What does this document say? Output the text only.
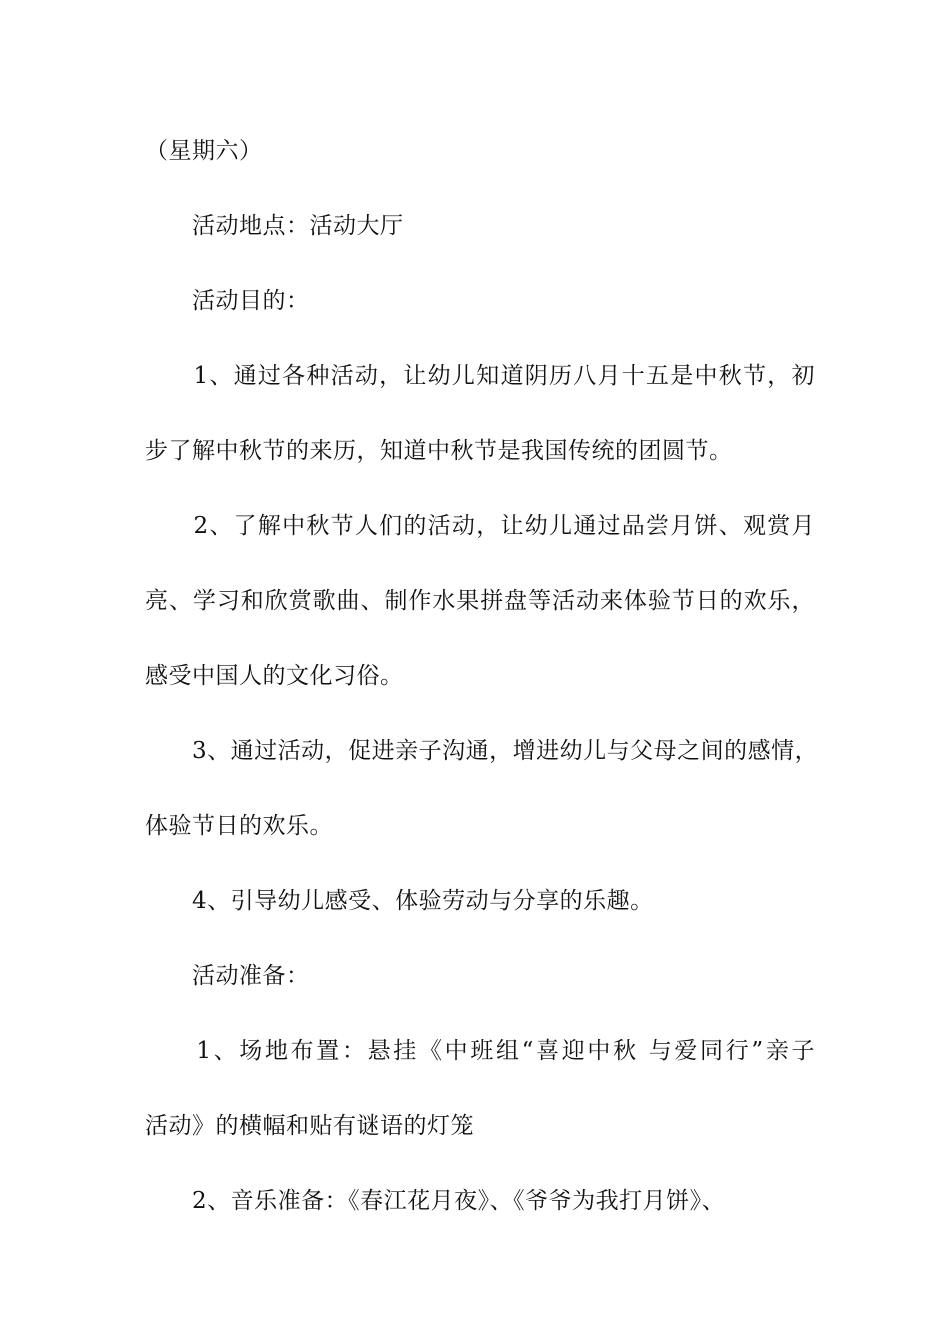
（星期六）
　　活动地点：活动大厅
　　活动目的：
　　1、通过各种活动，让幼儿知道阴历八月十五是中秋节，初
步了解中秋节的来历，知道中秋节是我国传统的团圆节。
　　2、了解中秋节人们的活动，让幼儿通过品尝月饼、观赏月
亮、学习和欣赏歌曲、制作水果拼盘等活动来体验节日的欢乐，
感受中国人的文化习俗。
　　3、通过活动，促进亲子沟通，增进幼儿与父母之间的感情，
体验节日的欢乐。
　　4、引导幼儿感受、体验劳动与分享的乐趣。
　　活动准备：
　　1、场地布置：悬挂《中班组“喜迎中秋 与爱同行”亲子
活动》的横幅和贴有谜语的灯笼
　　2、音乐准备：《春江花月夜》、《爷爷为我打月饼》、
